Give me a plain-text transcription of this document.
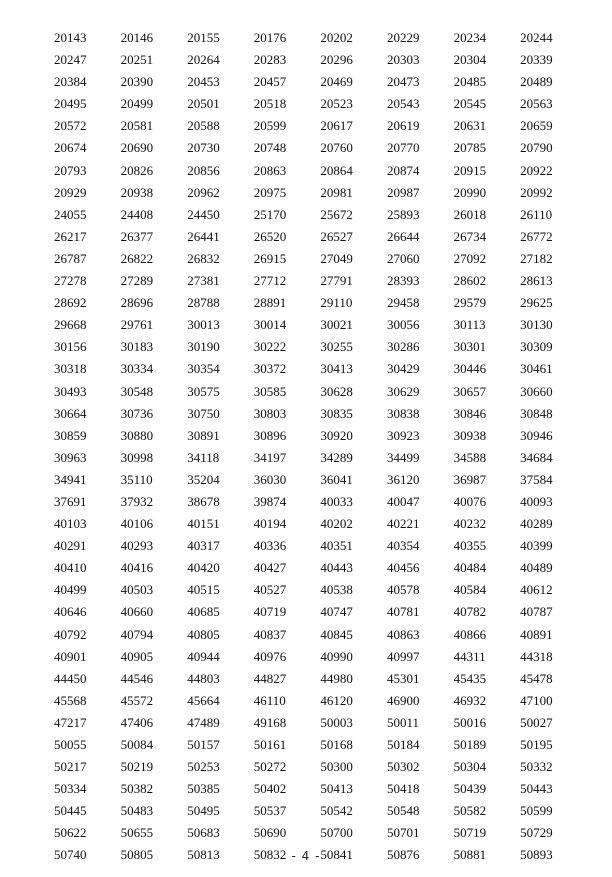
20143	20146	20155	20176	20202	20229	20234	20244
20247	20251	20264	20283	20296	20303	20304	20339
20384	20390	20453	20457	20469	20473	20485	20489
20495	20499	20501	20518	20523	20543	20545	20563
20572	20581	20588	20599	20617	20619	20631	20659
20674	20690	20730	20748	20760	20770	20785	20790
20793	20826	20856	20863	20864	20874	20915	20922
20929	20938	20962	20975	20981	20987	20990	20992
24055	24408	24450	25170	25672	25893	26018	26110
26217	26377	26441	26520	26527	26644	26734	26772
26787	26822	26832	26915	27049	27060	27092	27182
27278	27289	27381	27712	27791	28393	28602	28613
28692	28696	28788	28891	29110	29458	29579	29625
29668	29761	30013	30014	30021	30056	30113	30130
30156	30183	30190	30222	30255	30286	30301	30309
30318	30334	30354	30372	30413	30429	30446	30461
30493	30548	30575	30585	30628	30629	30657	30660
30664	30736	30750	30803	30835	30838	30846	30848
30859	30880	30891	30896	30920	30923	30938	30946
30963	30998	34118	34197	34289	34499	34588	34684
34941	35110	35204	36030	36041	36120	36987	37584
37691	37932	38678	39874	40033	40047	40076	40093
40103	40106	40151	40194	40202	40221	40232	40289
40291	40293	40317	40336	40351	40354	40355	40399
40410	40416	40420	40427	40443	40456	40484	40489
40499	40503	40515	40527	40538	40578	40584	40612
40646	40660	40685	40719	40747	40781	40782	40787
40792	40794	40805	40837	40845	40863	40866	40891
40901	40905	40944	40976	40990	40997	44311	44318
44450	44546	44803	44827	44980	45301	45435	45478
45568	45572	45664	46110	46120	46900	46932	47100
47217	47406	47489	49168	50003	50011	50016	50027
50055	50084	50157	50161	50168	50184	50189	50195
50217	50219	50253	50272	50300	50302	50304	50332
50334	50382	50385	50402	50413	50418	50439	50443
50445	50483	50495	50537	50542	50548	50582	50599
50622	50655	50683	50690	50700	50701	50719	50729
50740	50805	50813	50832	50841	50876	50881	50893
- 4 -
